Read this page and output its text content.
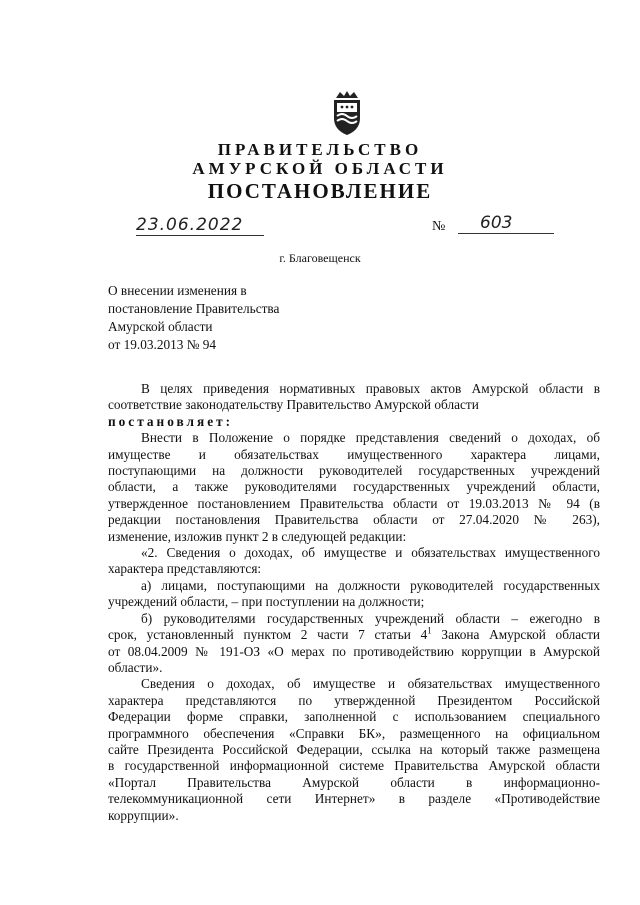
ПРАВИТЕЛЬСТВО
АМУРСКОЙ ОБЛАСТИ
ПОСТАНОВЛЕНИЕ
23.06.2022	№	603
г. Благовещенск
О внесении изменения в
постановление Правительства
Амурской области
от 19.03.2013 № 94
В целях приведения нормативных правовых актов Амурской области в
соответствие законодательству Правительство Амурской области
постановляет:
Внести в Положение о порядке представления сведений о доходах, об
имуществе и обязательствах имущественного характера лицами,
поступающими на должности руководителей государственных учреждений
области, а также руководителями государственных учреждений области,
утвержденное постановлением Правительства области от 19.03.2013 № 94 (в
редакции постановления Правительства области от 27.04.2020 № 263),
изменение, изложив пункт 2 в следующей редакции:
«2. Сведения о доходах, об имуществе и обязательствах имущественного
характера представляются:
а) лицами, поступающими на должности руководителей государственных
учреждений области, – при поступлении на должности;
б) руководителями государственных учреждений области – ежегодно в
срок, установленный пунктом 2 части 7 статьи $4^1$ Закона Амурской области
от 08.04.2009 № 191-ОЗ «О мерах по противодействию коррупции в Амурской
области».
Сведения о доходах, об имуществе и обязательствах имущественного
характера представляются по утвержденной Президентом Российской
Федерации форме справки, заполненной с использованием специального
программного обеспечения «Справки БК», размещенного на официальном
сайте Президента Российской Федерации, ссылка на который также размещена
в государственной информационной системе Правительства Амурской области
«Портал Правительства Амурской области в информационно-
телекоммуникационной сети Интернет» в разделе «Противодействие
коррупции».
